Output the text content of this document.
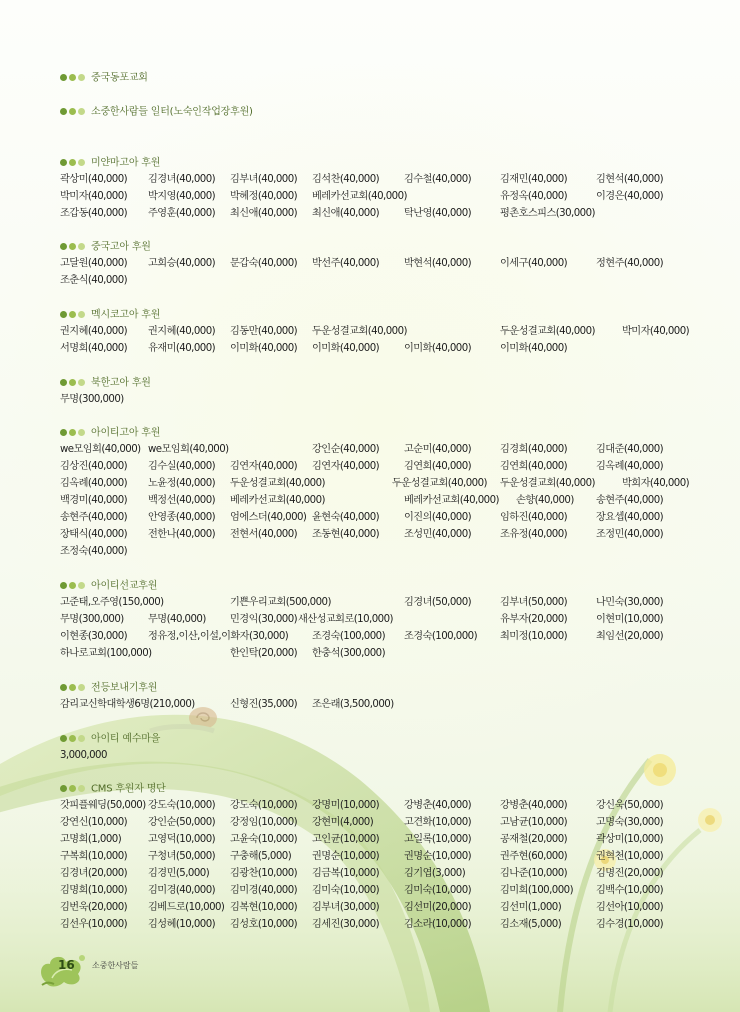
중국동포교회
소중한사람들 일터(노숙인작업장후원)
미얀마고아 후원
곽상미(40,000) 김경녀(40,000) 김부녀(40,000) 김석찬(40,000) 김수철(40,000)	김재민(40,000)	김현석(40,000)
박미자(40,000) 박지영(40,000) 박혜정(40,000) 베레카선교회(40,000)	유정옥(40,000)	이경은(40,000)
조갑동(40,000) 주영훈(40,000) 최신애(40,000) 최신애(40,000) 탁난영(40,000)	평촌호스피스(30,000)
중국고아 후원
고달원(40,000) 고희승(40,000) 문갑숙(40,000) 박선주(40,000) 박현석(40,000)	이세구(40,000)	정현주(40,000)
조춘식(40,000)
멕시코고아 후원
권지혜(40,000) 권지혜(40,000) 김동만(40,000) 두운성결교회(40,000)	두운성결교회(40,000)	박미자(40,000)
서명희(40,000) 유재미(40,000) 이미화(40,000) 이미화(40,000) 이미화(40,000)	이미화(40,000)
북한고아 후원
무명(300,000)
아이티고아 후원
we모임회(40,000) we모임회(40,000)	강인순(40,000) 고순미(40,000)	김경희(40,000)	김대준(40,000)
김상진(40,000) 김수실(40,000) 김연자(40,000) 김연자(40,000) 김연희(40,000)	김연희(40,000)	김옥례(40,000)
김옥례(40,000) 노윤정(40,000) 두운성결교회(40,000)	두운성결교회(40,000) 두운성결교회(40,000)	박희자(40,000)
백경미(40,000) 백정선(40,000) 베레카선교회(40,000)	베레카선교회(40,000) 손향(40,000) 송현주(40,000)
송현주(40,000) 안영종(40,000) 엄에스더(40,000) 윤현숙(40,000) 이진의(40,000)	임하진(40,000)	장요셉(40,000)
장태식(40,000) 전한나(40,000) 전현서(40,000) 조동현(40,000) 조성민(40,000)	조유정(40,000)	조정민(40,000)
조정숙(40,000)
아이티선교후원
고준태,오주영(150,000)	기쁜우리교회(500,000)	김경녀(50,000)	김부녀(50,000)	나민숙(30,000)
무명(300,000) 무명(40,000) 민경익(30,000) 새산성교회로(10,000)	유부자(20,000)	이현미(10,000)
이현종(30,000) 정유정,이산,이설,이화자(30,000) 조경숙(100,000) 조경숙(100,000) 최미정(10,000)	최임선(20,000)
하나로교회(100,000)	한인탁(20,000) 한충석(300,000)
전등보내기후원
감리교신학대학생6명(210,000)	신형진(35,000) 조은래(3,500,000)
아이티 예수마을
3,000,000
CMS 후원자 명단
갓피플웨딩(50,000) 강도숙(10,000) 강도숙(10,000) 강명미(10,000) 강병춘(40,000)	강병춘(40,000)	강신욱(50,000)
강연신(10,000) 강인순(50,000) 강정임(10,000) 강현미(4,000)	고견화(10,000)	고남균(10,000)	고명숙(30,000)
고명희(1,000)	고영덕(10,000) 고윤숙(10,000) 고인균(10,000) 고일록(10,000)	공재철(20,000)	곽상미(10,000)
구복희(10,000) 구청녀(50,000) 구충해(5,000) 권명순(10,000) 권명순(10,000)	권주현(60,000)	권혁천(10,000)
김경녀(20,000) 김경민(5,000) 김광찬(10,000) 김금복(10,000) 김기엽(3,000)	김나준(10,000)	김명진(20,000)
김명희(10,000) 김미경(40,000) 김미경(40,000) 김미숙(10,000) 김미숙(10,000)	김미희(100,000) 김백수(10,000)
김번욱(20,000) 김베드로(10,000) 김복현(10,000) 김부녀(30,000) 김선미(20,000)	김선미(1,000)	김선아(10,000)
김선우(10,000) 김성혜(10,000) 김성호(10,000) 김세진(30,000) 김소라(10,000)	김소재(5,000)	김수경(10,000)
16 소중한사람들
